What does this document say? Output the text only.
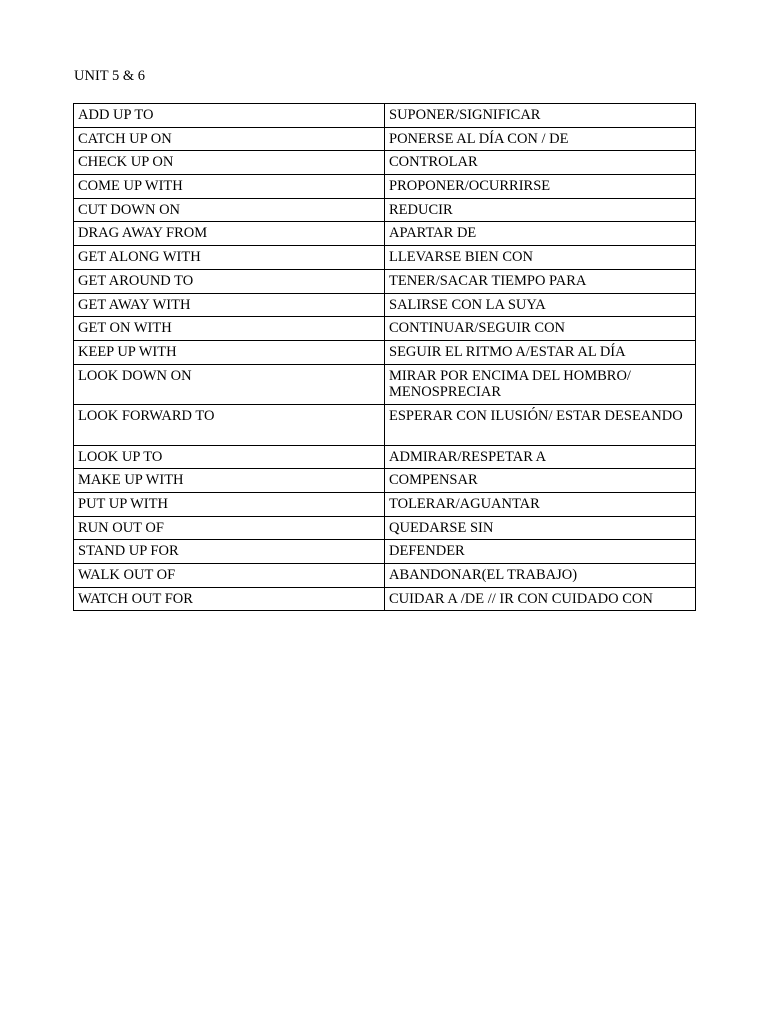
UNIT 5 & 6
ADD UP TO	SUPONER/SIGNIFICAR
CATCH UP ON	PONERSE AL DÍA CON / DE
CHECK UP ON	CONTROLAR
COME UP WITH	PROPONER/OCURRIRSE
CUT DOWN ON	REDUCIR
DRAG AWAY FROM	APARTAR DE
GET ALONG WITH	LLEVARSE BIEN CON
GET AROUND TO	TENER/SACAR TIEMPO PARA
GET AWAY WITH	SALIRSE CON LA SUYA
GET ON WITH	CONTINUAR/SEGUIR CON
KEEP UP WITH	SEGUIR EL RITMO A/ESTAR AL DÍA
LOOK DOWN ON	MIRAR POR ENCIMA DEL HOMBRO/ MENOSPRECIAR
LOOK FORWARD TO	ESPERAR CON ILUSIÓN/ ESTAR DESEANDO
LOOK UP TO	ADMIRAR/RESPETAR A
MAKE UP WITH	COMPENSAR
PUT UP WITH	TOLERAR/AGUANTAR
RUN OUT OF	QUEDARSE SIN
STAND UP FOR	DEFENDER
WALK OUT OF	ABANDONAR(EL TRABAJO)
WATCH OUT FOR	CUIDAR A /DE // IR CON CUIDADO CON
